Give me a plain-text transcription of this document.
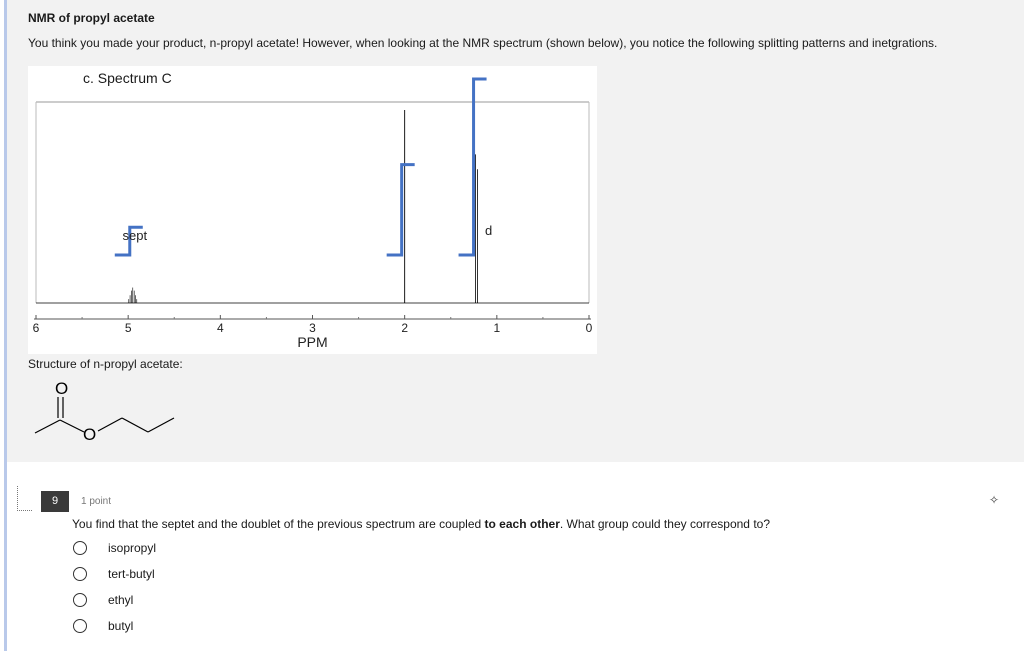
NMR of propyl acetate
You think you made your product, n-propyl acetate! However, when looking at the NMR spectrum (shown below), you notice the following splitting patterns and inetgrations.
c. Spectrum C
6	5	4	3	2	1	0
PPM
sept	d
Structure of n-propyl acetate:
O
O
9	1 point	✧
You find that the septet and the doublet of the previous spectrum are coupled to each other. What group could they correspond to?
isopropyl
tert-butyl
ethyl
butyl
